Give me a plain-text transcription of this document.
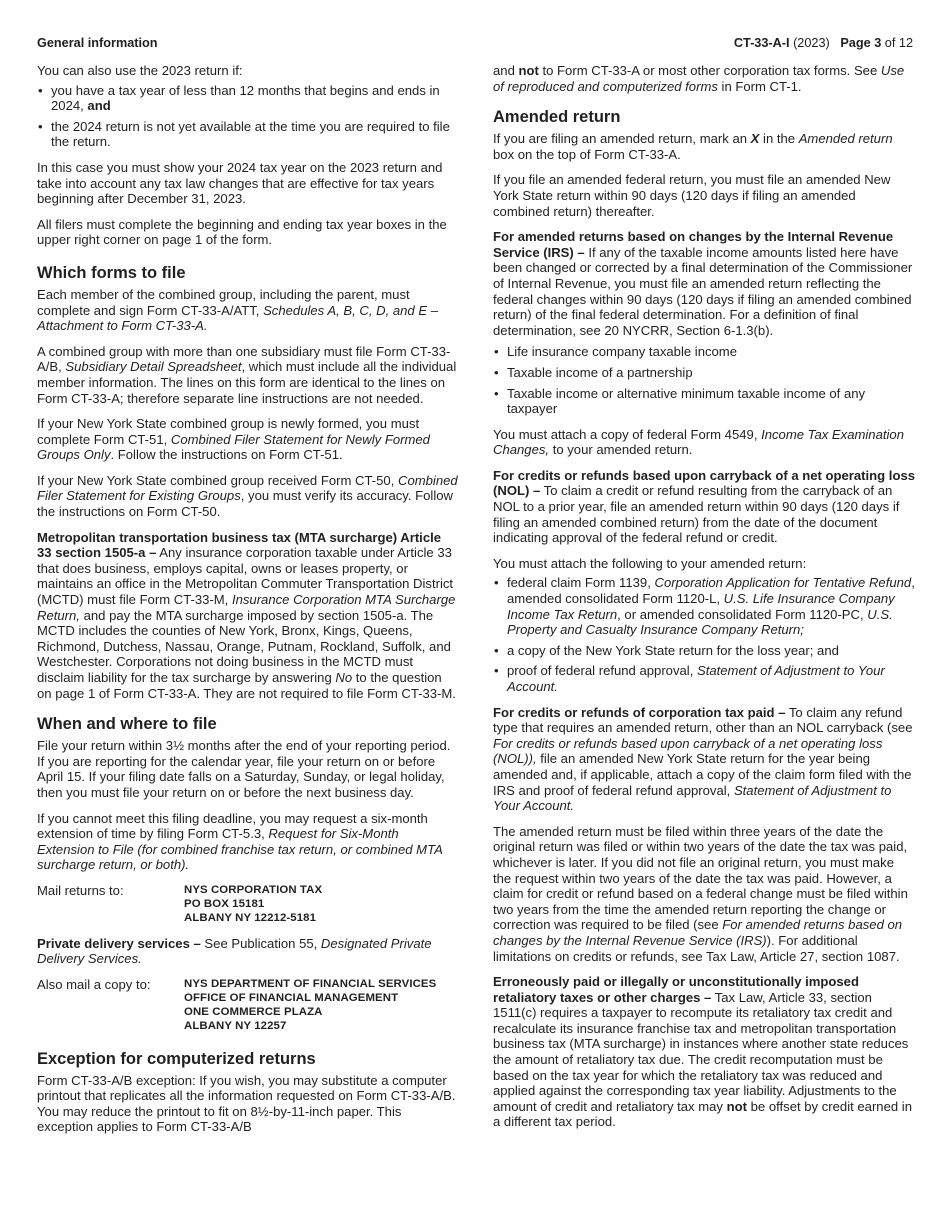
General information	CT-33-A-I (2023) Page 3 of 12

You can also use the 2023 return if:

• you have a tax year of less than 12 months that begins and ends in 2024, and
• the 2024 return is not yet available at the time you are required to file the return.

In this case you must show your 2024 tax year on the 2023 return and take into account any tax law changes that are effective for tax years beginning after December 31, 2023.

All filers must complete the beginning and ending tax year boxes in the upper right corner on page 1 of the form.

Which forms to file

Each member of the combined group, including the parent, must complete and sign Form CT-33-A/ATT, Schedules A, B, C, D, and E – Attachment to Form CT-33-A.

A combined group with more than one subsidiary must file Form CT-33-A/B, Subsidiary Detail Spreadsheet, which must include all the individual member information. The lines on this form are identical to the lines on Form CT-33-A; therefore separate line instructions are not needed.

If your New York State combined group is newly formed, you must complete Form CT-51, Combined Filer Statement for Newly Formed Groups Only. Follow the instructions on Form CT-51.

If your New York State combined group received Form CT-50, Combined Filer Statement for Existing Groups, you must verify its accuracy. Follow the instructions on Form CT-50.

Metropolitan transportation business tax (MTA surcharge) Article 33 section 1505-a – Any insurance corporation taxable under Article 33 that does business, employs capital, owns or leases property, or maintains an office in the Metropolitan Commuter Transportation District (MCTD) must file Form CT-33-M, Insurance Corporation MTA Surcharge Return, and pay the MTA surcharge imposed by section 1505-a. The MCTD includes the counties of New York, Bronx, Kings, Queens, Richmond, Dutchess, Nassau, Orange, Putnam, Rockland, Suffolk, and Westchester. Corporations not doing business in the MCTD must disclaim liability for the tax surcharge by answering No to the question on page 1 of Form CT-33-A. They are not required to file Form CT-33-M.

When and where to file

File your return within 3½ months after the end of your reporting period. If you are reporting for the calendar year, file your return on or before April 15. If your filing date falls on a Saturday, Sunday, or legal holiday, then you must file your return on or before the next business day.

If you cannot meet this filing deadline, you may request a six-month extension of time by filing Form CT-5.3, Request for Six-Month Extension to File (for combined franchise tax return, or combined MTA surcharge return, or both).

Mail returns to:	NYS CORPORATION TAX
PO BOX 15181
ALBANY NY 12212-5181

Private delivery services – See Publication 55, Designated Private Delivery Services.

Also mail a copy to:	NYS DEPARTMENT OF FINANCIAL SERVICES
OFFICE OF FINANCIAL MANAGEMENT
ONE COMMERCE PLAZA
ALBANY NY 12257
Exception for computerized returns

Form CT-33-A/B exception: If you wish, you may substitute a computer printout that replicates all the information requested on Form CT-33-A/B. You may reduce the printout to fit on 8½-by-11-inch paper. This exception applies to Form CT-33-A/B

and not to Form CT-33-A or most other corporation tax forms. See Use of reproduced and computerized forms in Form CT-1.

Amended return

If you are filing an amended return, mark an X in the Amended return box on the top of Form CT-33-A.

If you file an amended federal return, you must file an amended New York State return within 90 days (120 days if filing an amended combined return) thereafter.

For amended returns based on changes by the Internal Revenue Service (IRS) – If any of the taxable income amounts listed here have been changed or corrected by a final determination of the Commissioner of Internal Revenue, you must file an amended return reflecting the federal changes within 90 days (120 days if filing an amended combined return) of the final federal determination. For a definition of final determination, see 20 NYCRR, Section 6-1.3(b).

• Life insurance company taxable income
• Taxable income of a partnership
• Taxable income or alternative minimum taxable income of any taxpayer

You must attach a copy of federal Form 4549, Income Tax Examination Changes, to your amended return.

For credits or refunds based upon carryback of a net operating loss (NOL) – To claim a credit or refund resulting from the carryback of an NOL to a prior year, file an amended return within 90 days (120 days if filing an amended combined return) from the date of the document indicating approval of the federal refund or credit.

You must attach the following to your amended return:

• federal claim Form 1139, Corporation Application for Tentative Refund, amended consolidated Form 1120-L, U.S. Life Insurance Company Income Tax Return, or amended consolidated Form 1120-PC, U.S. Property and Casualty Insurance Company Return;
• a copy of the New York State return for the loss year; and
• proof of federal refund approval, Statement of Adjustment to Your Account.

For credits or refunds of corporation tax paid – To claim any refund type that requires an amended return, other than an NOL carryback (see For credits or refunds based upon carryback of a net operating loss (NOL)), file an amended New York State return for the year being amended and, if applicable, attach a copy of the claim form filed with the IRS and proof of federal refund approval, Statement of Adjustment to Your Account.

The amended return must be filed within three years of the date the original return was filed or within two years of the date the tax was paid, whichever is later. If you did not file an original return, you must make the request within two years of the date the tax was paid. However, a claim for credit or refund based on a federal change must be filed within two years from the time the amended return reporting the change or correction was required to be filed (see For amended returns based on changes by the Internal Revenue Service (IRS)). For additional limitations on credits or refunds, see Tax Law, Article 27, section 1087.

Erroneously paid or illegally or unconstitutionally imposed retaliatory taxes or other charges – Tax Law, Article 33, section 1511(c) requires a taxpayer to recompute its retaliatory tax credit and recalculate its insurance franchise tax and metropolitan transportation business tax (MTA surcharge) in instances where another state reduces the amount of retaliatory tax due. The credit recomputation must be based on the tax year for which the retaliatory tax was reduced and applied against the corresponding tax year liability. Adjustments to the amount of credit and retaliatory tax may not be offset by credit earned in a different tax period.
